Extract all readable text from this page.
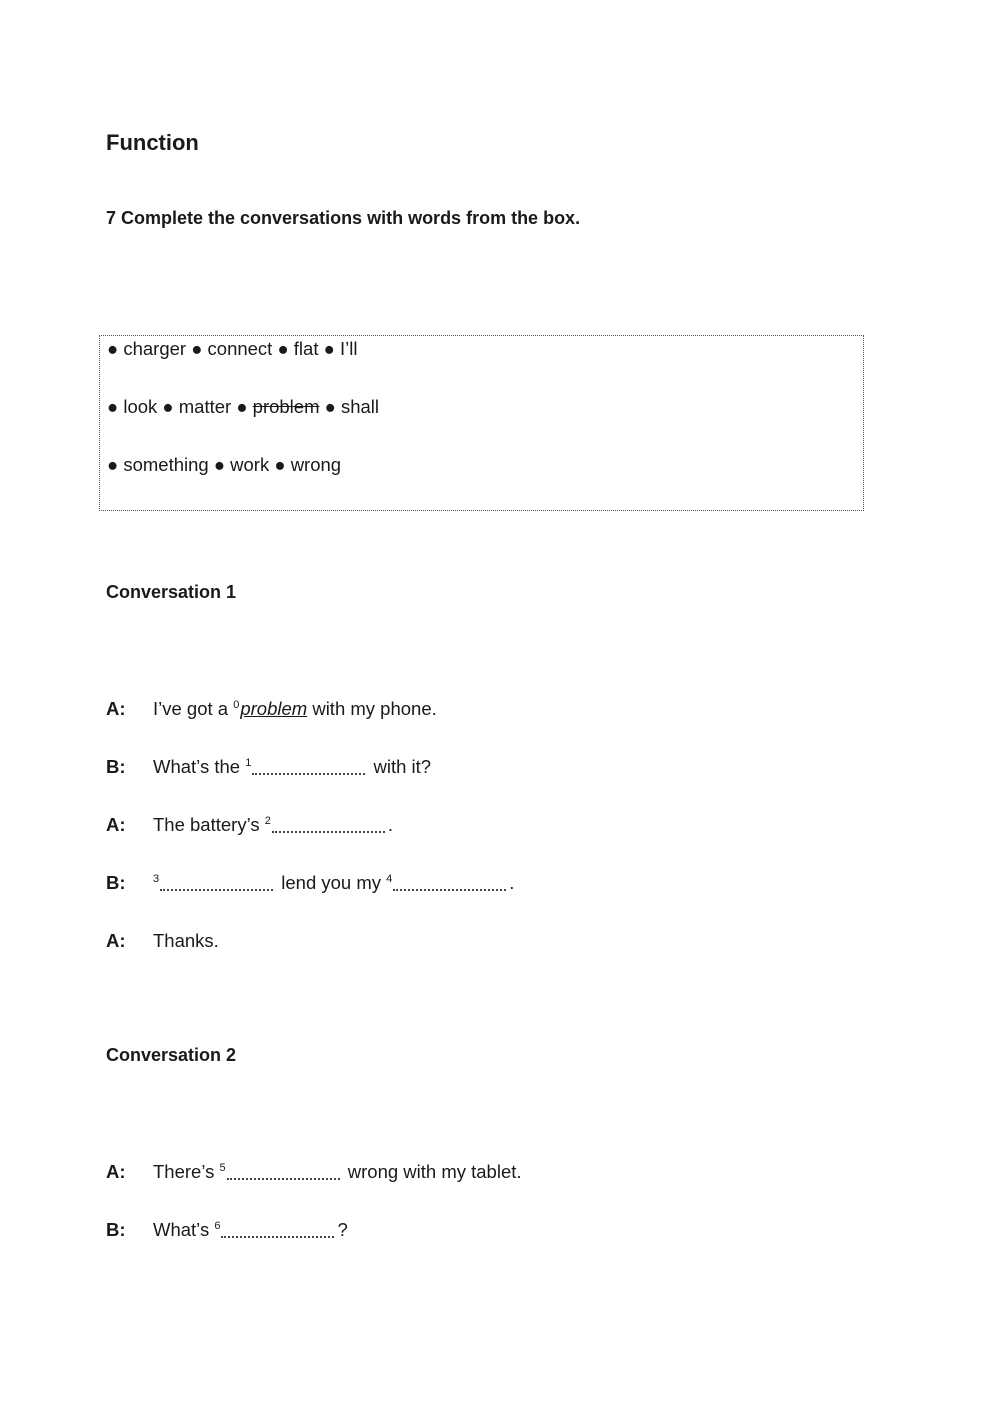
Function
7 Complete the conversations with words from the box.
● charger ● connect ● flat ● I’ll
● look ● matter ● problem ● shall
● something ● work ● wrong
Conversation 1
A: I’ve got a $^0$problem with my phone.
B: What’s the $^1$	with it?
A: The battery’s $^2$	.
B: $^3$	lend you my $^4$	.
A: Thanks.
Conversation 2
A: There’s $^5$	wrong with my tablet.
B: What’s $^6$	?
